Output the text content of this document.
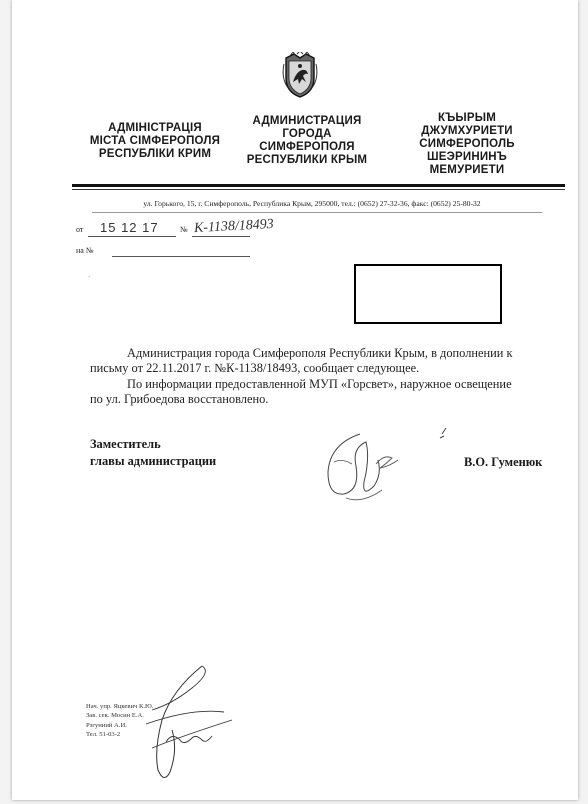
АДМІНІСТРАЦІЯ
МІСТА СІМФЕРОПОЛЯ
РЕСПУБЛІКИ КРИМ
АДМИНИСТРАЦИЯ
ГОРОДА
СИМФЕРОПОЛЯ
РЕСПУБЛИКИ КРЫМ
КЪЫРЫМ
ДЖУМХУРИЕТИ
СИМФЕРОПОЛЬ
ШЕЭРИНИНЪ
МЕМУРИЕТИ
ул. Горького, 15, г. Симферополь, Республика Крым, 295000, тел.: (0652) 27-32-36, факс: (0652) 25-80-32
от 15 12 17	№ К-1138/18493
на №
·
Администрация города Симферополя Республики Крым, в дополнении к
письму от 22.11.2017 г. №К-1138/18493, сообщает следующее.
По информации предоставленной МУП «Горсвет», наружное освещение
по ул. Грибоедова восстановлено.
Заместитель
главы администрации	В.О. Гуменюк
Нач. упр. Яцкевич К.Ю.
Зав. сек. Мосин Е.А.
Рзгуниий А.И.
Тел. 51-03-2
